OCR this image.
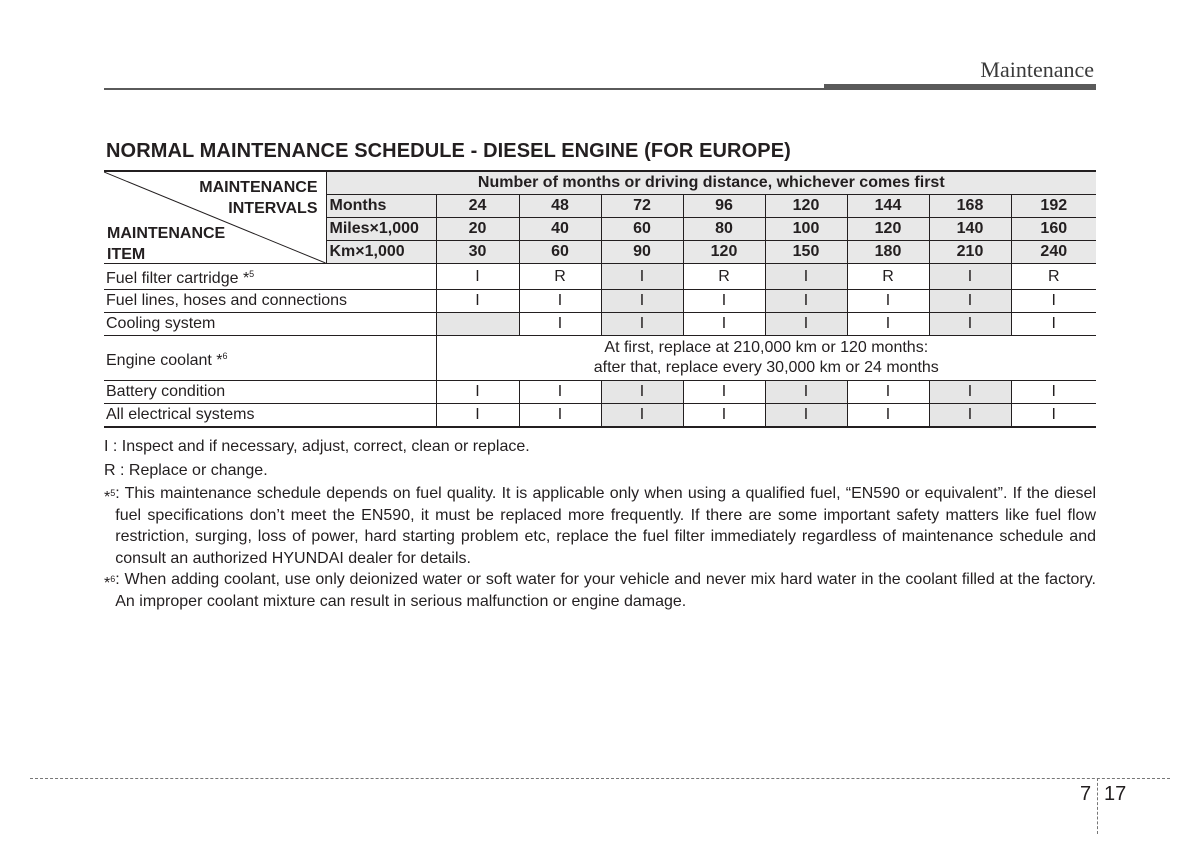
Maintenance
NORMAL MAINTENANCE SCHEDULE - DIESEL ENGINE (FOR EUROPE)
MAINTENANCE
INTERVALS
MAINTENANCE
ITEM	Number of months or driving distance, whichever comes first								
	Months	24	48	72	96	120	144	168	192
	Miles×1,000	20	40	60	80	100	120	140	160
	Km×1,000	30	60	90	120	150	180	210	240
Fuel filter cartridge *$^5$		I	R	I	R	I	R	I	R
Fuel lines, hoses and connections		I	I	I	I	I	I	I	I
Cooling system			I	I	I	I	I	I	I
Engine coolant *$^6$		At first, replace at 210,000 km or 120 months:
after that, replace every 30,000 km or 24 months							

Battery condition		I	I	I	I	I	I	I	I
All electrical systems		I	I	I	I	I	I	I	I

I : Inspect and if necessary, adjust, correct, clean or replace.

R : Replace or change.

*$^5$ : This maintenance schedule depends on fuel quality. It is applicable only when using a qualified fuel, “EN590 or equivalent”. If the diesel fuel specifications don’t meet the EN590, it must be replaced more frequently. If there are some important safety matters like fuel flow restriction, surging, loss of power, hard starting problem etc, replace the fuel filter immediately regardless of maintenance schedule and consult an authorized HYUNDAI dealer for details.
*$^6$ : When adding coolant, use only deionized water or soft water for your vehicle and never mix hard water in the coolant filled at the factory. An improper coolant mixture can result in serious malfunction or engine damage.
7 17
